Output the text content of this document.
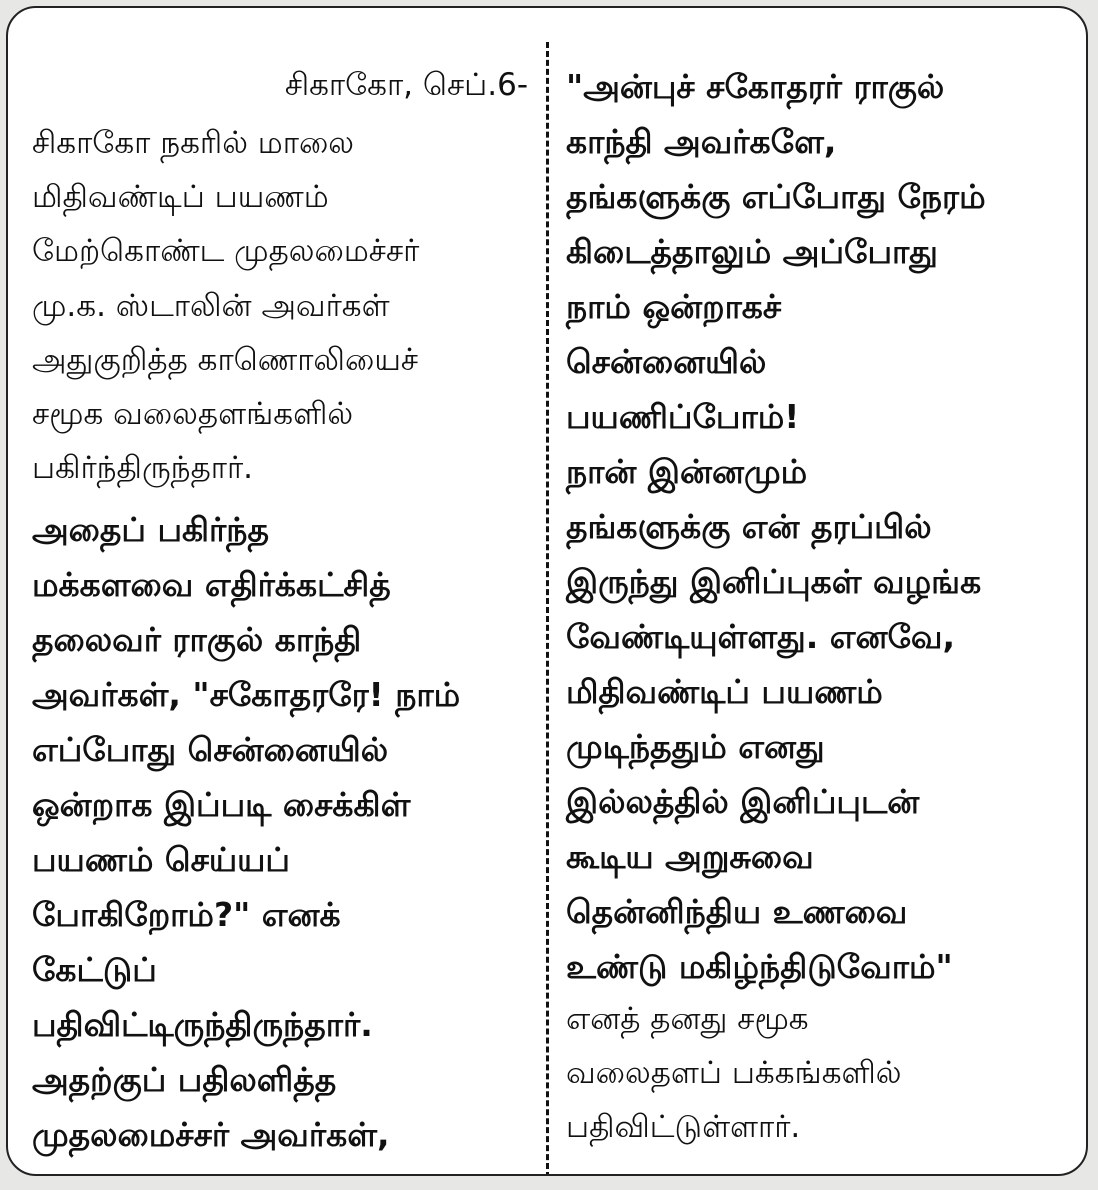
சிகாகோ, செப்.6-
சிகாகோ நகரில் மாலை
மிதிவண்டிப் பயணம்
மேற்கொண்ட முதலமைச்சர்
மு.க. ஸ்டாலின் அவர்கள்
அதுகுறித்த காணொலியைச்
சமூக வலைதளங்களில்
பகிர்ந்திருந்தார்.
அதைப் பகிர்ந்த
மக்களவை எதிர்க்கட்சித்
தலைவர் ராகுல் காந்தி
அவர்கள், "சகோதரரே! நாம்
எப்போது சென்னையில்
ஒன்றாக இப்படி சைக்கிள்
பயணம் செய்யப்
போகிறோம்?" எனக்
கேட்டுப்
பதிவிட்டிருந்திருந்தார்.
அதற்குப் பதிலளித்த
முதலமைச்சர் அவர்கள்,
"அன்புச் சகோதரர் ராகுல்
காந்தி அவர்களே,
தங்களுக்கு எப்போது நேரம்
கிடைத்தாலும் அப்போது
நாம் ஒன்றாகச்
சென்னையில்
பயணிப்போம்!
நான் இன்னமும்
தங்களுக்கு என் தரப்பில்
இருந்து இனிப்புகள் வழங்க
வேண்டியுள்ளது. எனவே,
மிதிவண்டிப் பயணம்
முடிந்ததும் எனது
இல்லத்தில் இனிப்புடன்
கூடிய அறுசுவை
தென்னிந்திய உணவை
உண்டு மகிழ்ந்திடுவோம்"
எனத் தனது சமூக
வலைதளப் பக்கங்களில்
பதிவிட்டுள்ளார்.
